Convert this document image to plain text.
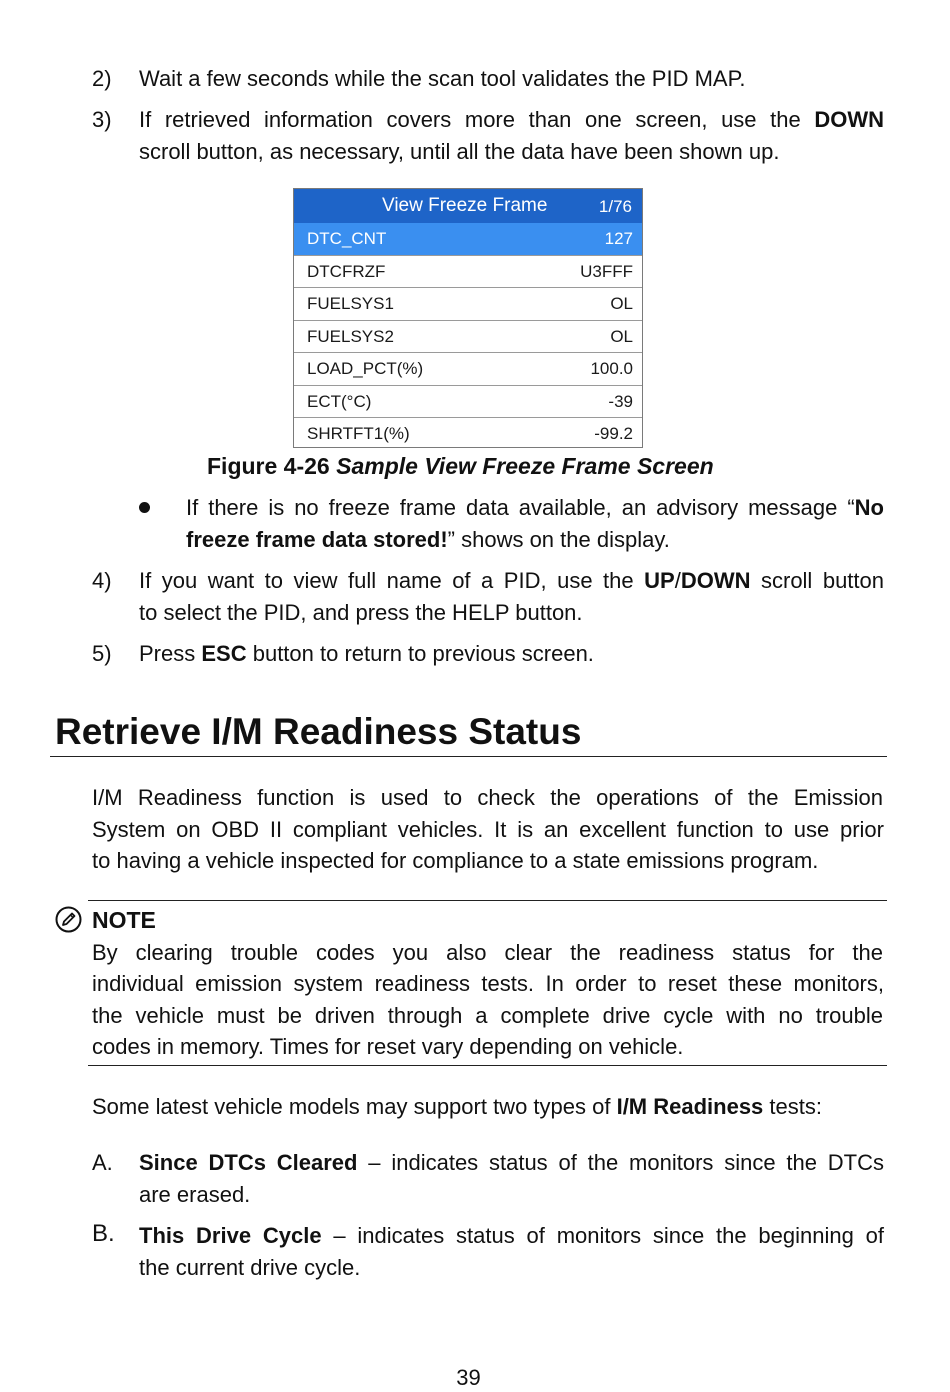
2) Wait a few seconds while the scan tool validates the PID MAP.
3) If retrieved information covers more than one screen, use the DOWN
scroll button, as necessary, until all the data have been shown up.
View Freeze Frame	1/76
DTC_CNT	127
DTCFRZF	U3FFF
FUELSYS1	OL
FUELSYS2	OL
LOAD_PCT(%)	100.0
ECT(°C)	-39
SHRTFT1(%)	-99.2
Figure 4-26 Sample View Freeze Frame Screen
If there is no freeze frame data available, an advisory message “No
freeze frame data stored!” shows on the display.
4) If you want to view full name of a PID, use the UP/DOWN scroll button
to select the PID, and press the HELP button.
5) Press ESC button to return to previous screen.
Retrieve I/M Readiness Status
I/M Readiness function is used to check the operations of the Emission
System on OBD II compliant vehicles. It is an excellent function to use prior
to having a vehicle inspected for compliance to a state emissions program.
NOTE
By clearing trouble codes you also clear the readiness status for the
individual emission system readiness tests. In order to reset these monitors,
the vehicle must be driven through a complete drive cycle with no trouble
codes in memory. Times for reset vary depending on vehicle.
Some latest vehicle models may support two types of I/M Readiness tests:
A. Since DTCs Cleared – indicates status of the monitors since the DTCs
are erased.
B. This Drive Cycle – indicates status of monitors since the beginning of
the current drive cycle.
39
